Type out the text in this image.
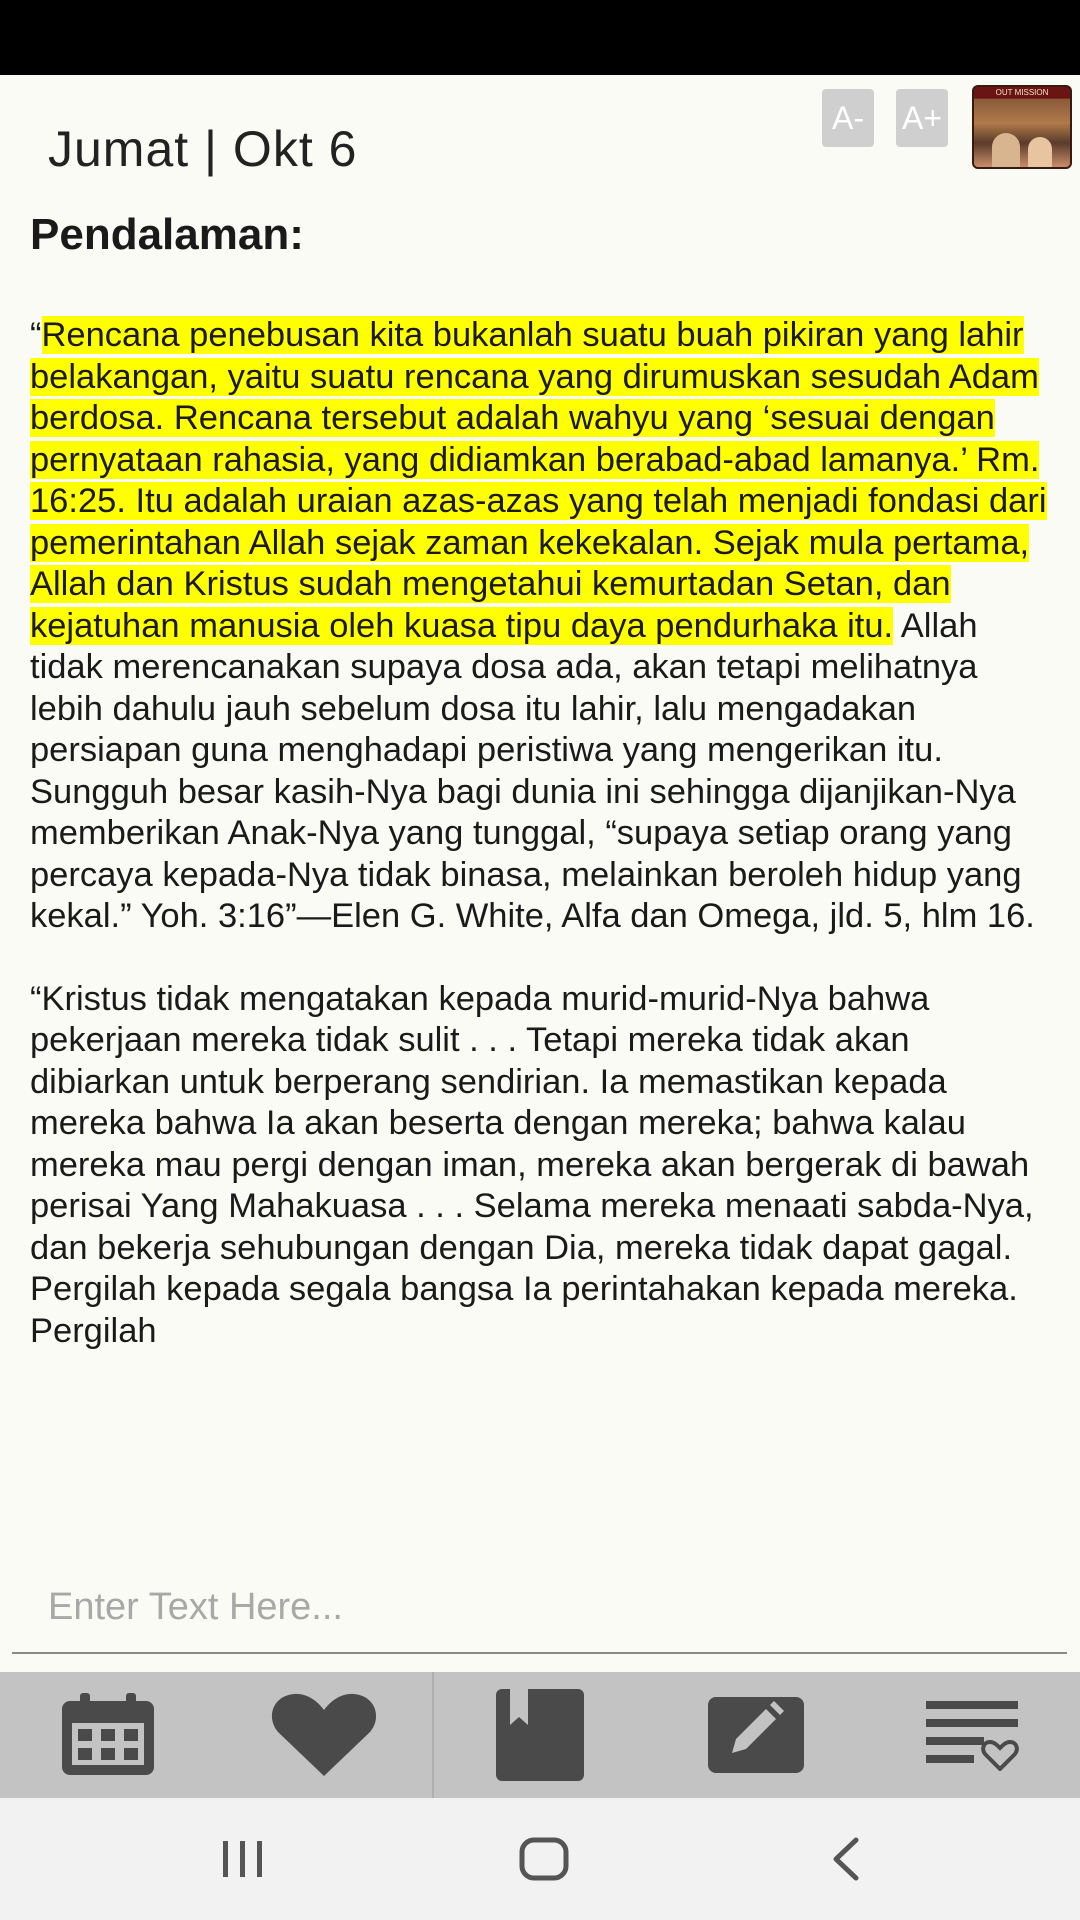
Jumat | Okt 6
A-	A+
OUT MISSION
Pendalaman:

“Rencana penebusan kita bukanlah suatu buah pikiran yang lahir belakangan, yaitu suatu rencana yang dirumuskan sesudah Adam berdosa. Rencana tersebut adalah wahyu yang ‘sesuai dengan pernyataan rahasia, yang didiamkan berabad-abad lamanya.’ Rm. 16:25. Itu adalah uraian azas-azas yang telah menjadi fondasi dari pemerintahan Allah sejak zaman kekekalan. Sejak mula pertama, Allah dan Kristus sudah mengetahui kemurtadan Setan, dan kejatuhan manusia oleh kuasa tipu daya pendurhaka itu. Allah tidak merencanakan supaya dosa ada, akan tetapi melihatnya lebih dahulu jauh sebelum dosa itu lahir, lalu mengadakan persiapan guna menghadapi peristiwa yang mengerikan itu. Sungguh besar kasih-Nya bagi dunia ini sehingga dijanjikan-Nya memberikan Anak-Nya yang tunggal, “supaya setiap orang yang percaya kepada-Nya tidak binasa, melainkan beroleh hidup yang kekal.” Yoh. 3:16”—Elen G. White, Alfa dan Omega, jld. 5, hlm 16.

“Kristus tidak mengatakan kepada murid-murid-Nya bahwa pekerjaan mereka tidak sulit . . . Tetapi mereka tidak akan dibiarkan untuk berperang sendirian. Ia memastikan kepada mereka bahwa Ia akan beserta dengan mereka; bahwa kalau mereka mau pergi dengan iman, mereka akan bergerak di bawah perisai Yang Mahakuasa . . . Selama mereka menaati sabda-Nya, dan bekerja sehubungan dengan Dia, mereka tidak dapat gagal. Pergilah kepada segala bangsa Ia perintahakan kepada mereka. Pergilah

Enter Text Here...
